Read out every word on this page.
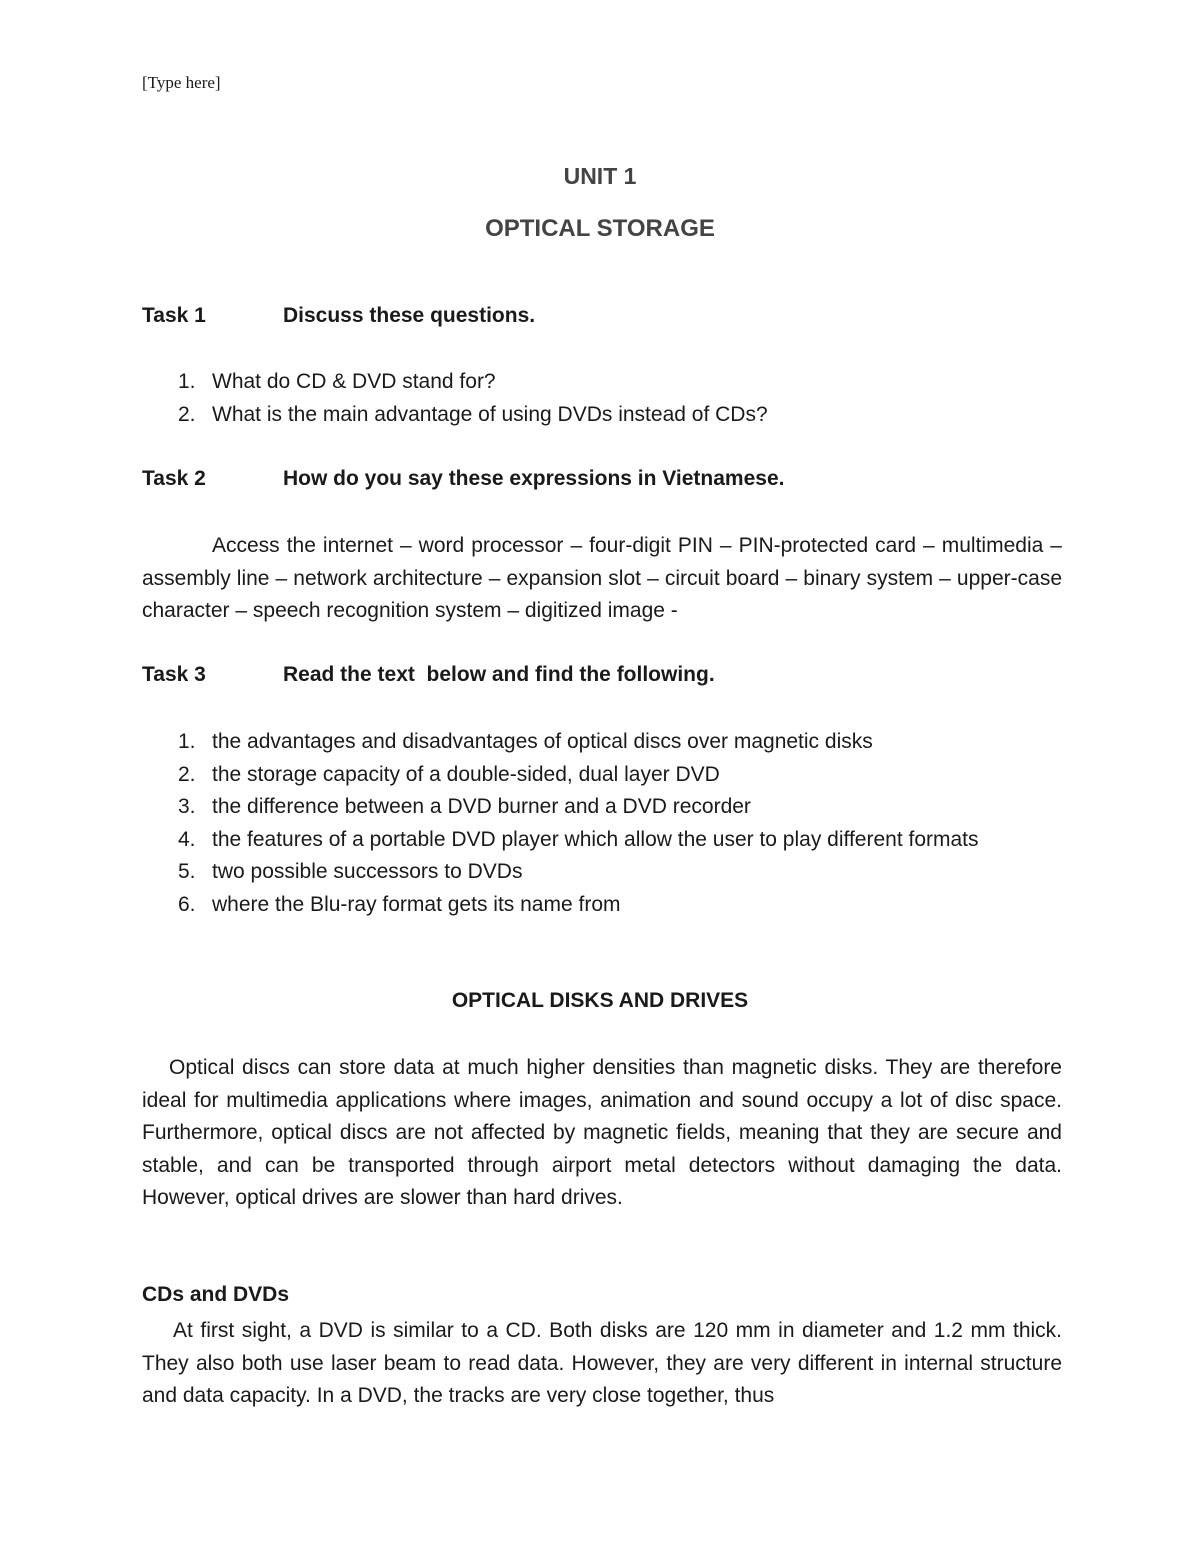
[Type here]
UNIT 1
OPTICAL STORAGE
Task 1	Discuss these questions.
1. What do CD & DVD stand for?
2. What is the main advantage of using DVDs instead of CDs?
Task 2	How do you say these expressions in Vietnamese.

Access the internet – word processor – four-digit PIN – PIN-protected card – multimedia – assembly line – network architecture – expansion slot – circuit board – binary system – upper-case character – speech recognition system – digitized image -

Task 3	Read the text  below and find the following.
1. the advantages and disadvantages of optical discs over magnetic disks
2. the storage capacity of a double-sided, dual layer DVD
3. the difference between a DVD burner and a DVD recorder
4. the features of a portable DVD player which allow the user to play different formats
5. two possible successors to DVDs
6. where the Blu-ray format gets its name from
OPTICAL DISKS AND DRIVES

Optical discs can store data at much higher densities than magnetic disks. They are therefore ideal for multimedia applications where images, animation and sound occupy a lot of disc space. Furthermore, optical discs are not affected by magnetic fields, meaning that they are secure and stable, and can be transported through airport metal detectors without damaging the data. However, optical drives are slower than hard drives.

CDs and DVDs

At first sight, a DVD is similar to a CD. Both disks are 120 mm in diameter and 1.2 mm thick. They also both use laser beam to read data. However, they are very different in internal structure and data capacity. In a DVD, the tracks are very close together, thus
